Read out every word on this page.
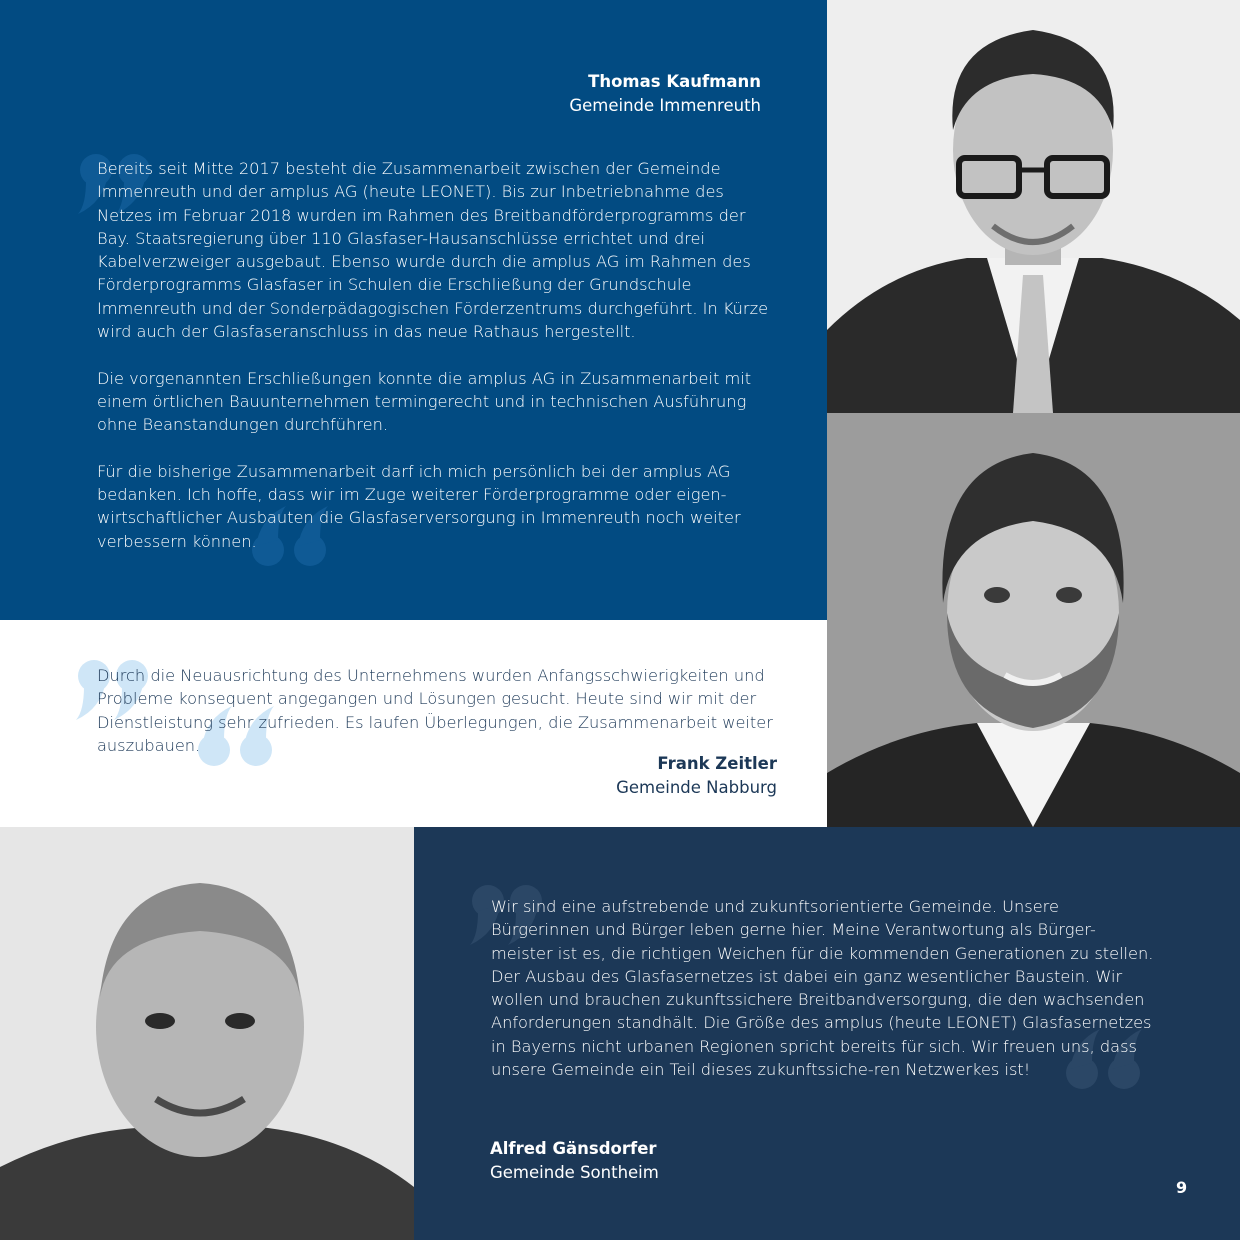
Thomas Kaufmann
Gemeinde Immenreuth

Bereits seit Mitte 2017 besteht die Zusammenarbeit zwischen der Gemeinde Immenreuth und der amplus AG (heute LEONET). Bis zur Inbetriebnahme des Netzes im Februar 2018 wurden im Rahmen des Breitbandförderprogramms der Bay. Staatsregierung über 110 Glasfaser-Hausanschlüsse errichtet und drei Kabelverzweiger ausgebaut. Ebenso wurde durch die amplus AG im Rahmen des Förderprogramms Glasfaser in Schulen die Erschließung der Grundschule Immenreuth und der Sonderpädagogischen Förderzentrums durchgeführt. In Kürze wird auch der Glasfaseranschluss in das neue Rathaus hergestellt.

Die vorgenannten Erschließungen konnte die amplus AG in Zusammenarbeit mit einem örtlichen Bauunternehmen termingerecht und in technischen Ausführung ohne Beanstandungen durchführen.

Für die bisherige Zusammenarbeit darf ich mich persönlich bei der amplus AG bedanken. Ich hoffe, dass wir im Zuge weiterer Förderprogramme oder eigen-wirtschaftlicher Ausbauten die Glasfaserversorgung in Immenreuth noch weiter verbessern können.

Durch die Neuausrichtung des Unternehmens wurden Anfangsschwierigkeiten und Probleme konsequent angegangen und Lösungen gesucht. Heute sind wir mit der Dienstleistung sehr zufrieden. Es laufen Überlegungen, die Zusammenarbeit weiter auszubauen.

Frank Zeitler
Gemeinde Nabburg

Wir sind eine aufstrebende und zukunftsorientierte Gemeinde. Unsere Bürgerinnen und Bürger leben gerne hier. Meine Verantwortung als Bürger-meister ist es, die richtigen Weichen für die kommenden Generationen zu stellen. Der Ausbau des Glasfasernetzes ist dabei ein ganz wesentlicher Baustein. Wir wollen und brauchen zukunftssichere Breitbandversorgung, die den wachsenden Anforderungen standhält. Die Größe des amplus (heute LEONET) Glasfasernetzes in Bayerns nicht urbanen Regionen spricht bereits für sich. Wir freuen uns, dass unsere Gemeinde ein Teil dieses zukunftssiche-ren Netzwerkes ist!

Alfred Gänsdorfer
Gemeinde Sontheim
9
